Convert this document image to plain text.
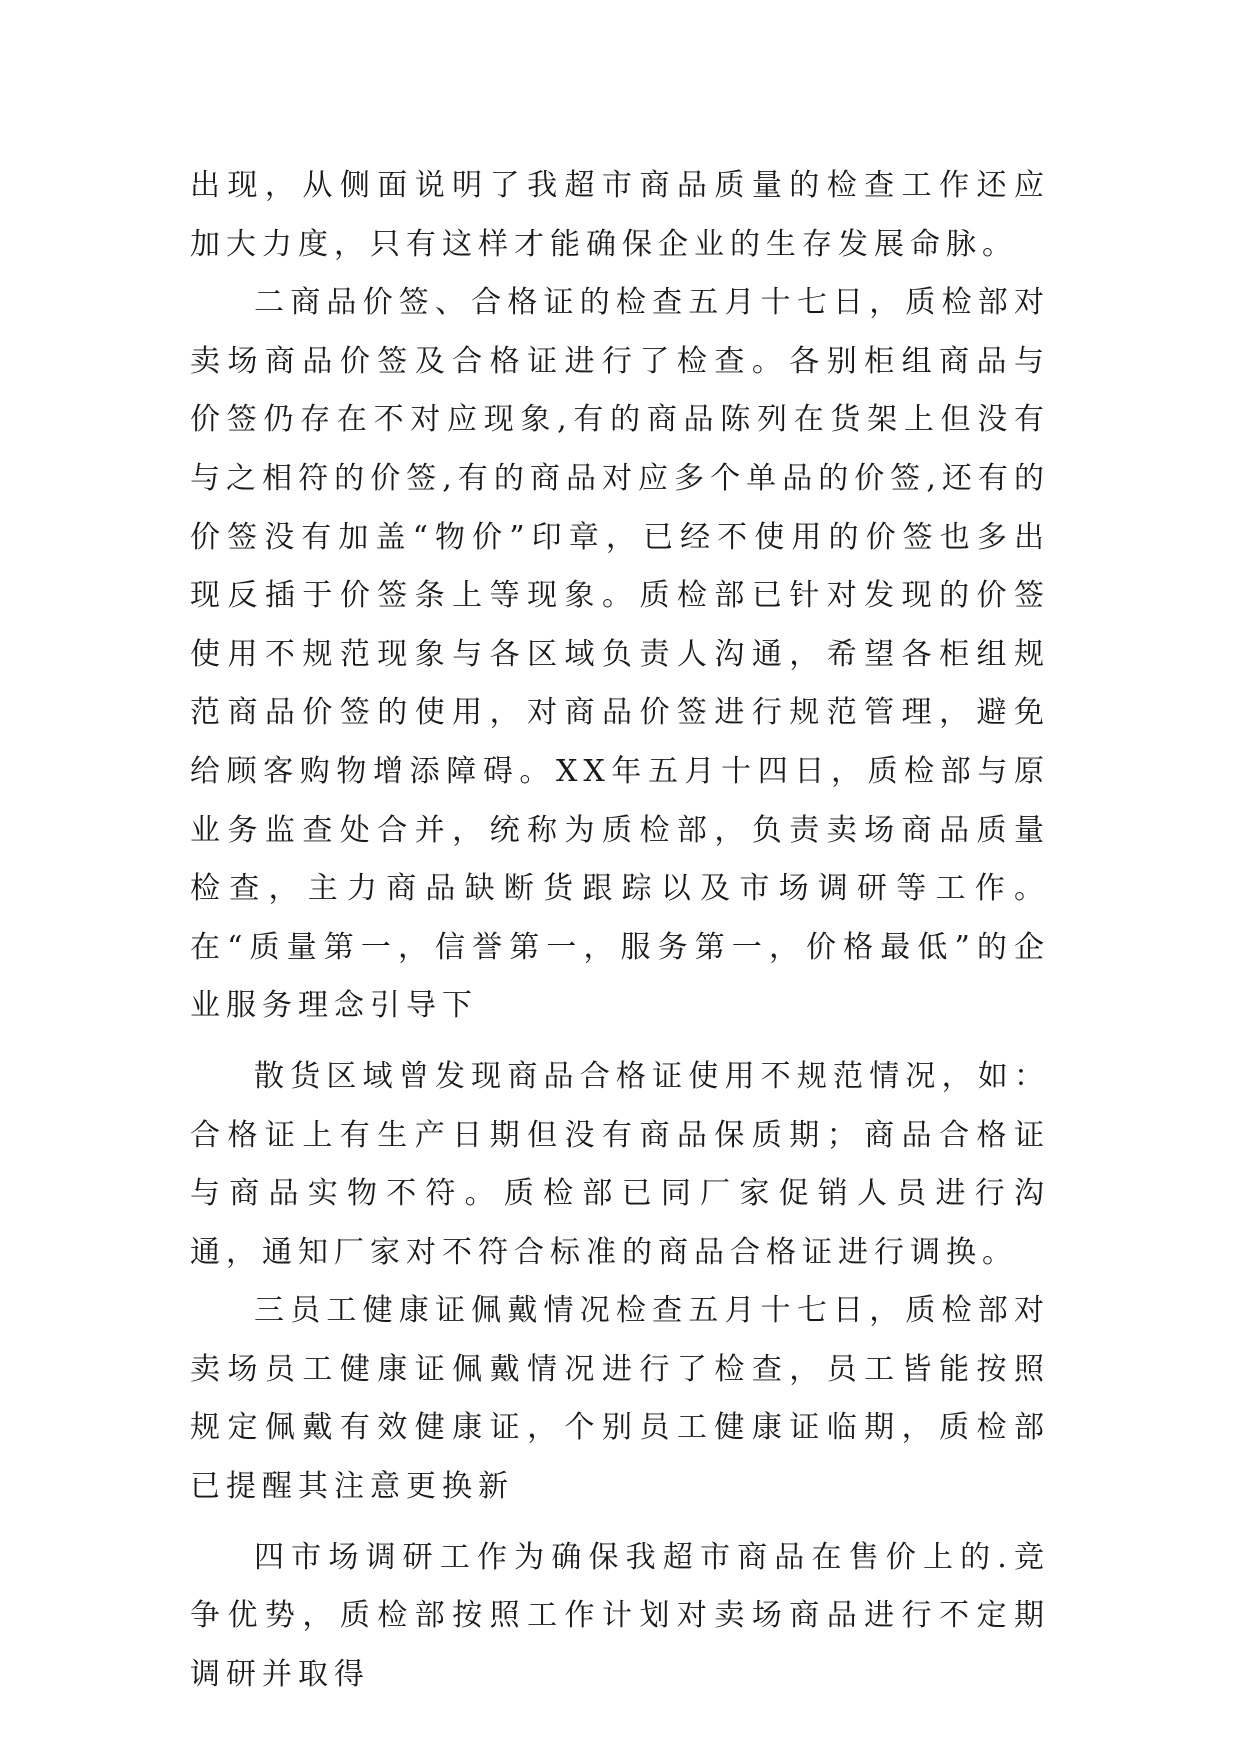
出现，从侧面说明了我超市商品质量的检查工作还应加大力度，只有这样才能确保企业的生存发展命脉。

二商品价签、合格证的检查五月十七日，质检部对卖场商品价签及合格证进行了检查。各别柜组商品与价签仍存在不对应现象,有的商品陈列在货架上但没有与之相符的价签,有的商品对应多个单品的价签,还有的价签没有加盖“物价”印章，已经不使用的价签也多出现反插于价签条上等现象。质检部已针对发现的价签使用不规范现象与各区域负责人沟通，希望各柜组规范商品价签的使用，对商品价签进行规范管理，避免给顾客购物增添障碍。XX年五月十四日，质检部与原业务监查处合并，统称为质检部，负责卖场商品质量检查，主力商品缺断货跟踪以及市场调研等工作。在“质量第一，信誉第一，服务第一，价格最低”的企业服务理念引导下

散货区域曾发现商品合格证使用不规范情况，如：合格证上有生产日期但没有商品保质期；商品合格证与商品实物不符。质检部已同厂家促销人员进行沟通，通知厂家对不符合标准的商品合格证进行调换。

三员工健康证佩戴情况检查五月十七日，质检部对卖场员工健康证佩戴情况进行了检查，员工皆能按照规定佩戴有效健康证，个别员工健康证临期，质检部已提醒其注意更换新

四市场调研工作为确保我超市商品在售价上的.竞争优势，质检部按照工作计划对卖场商品进行不定期调研并取得
